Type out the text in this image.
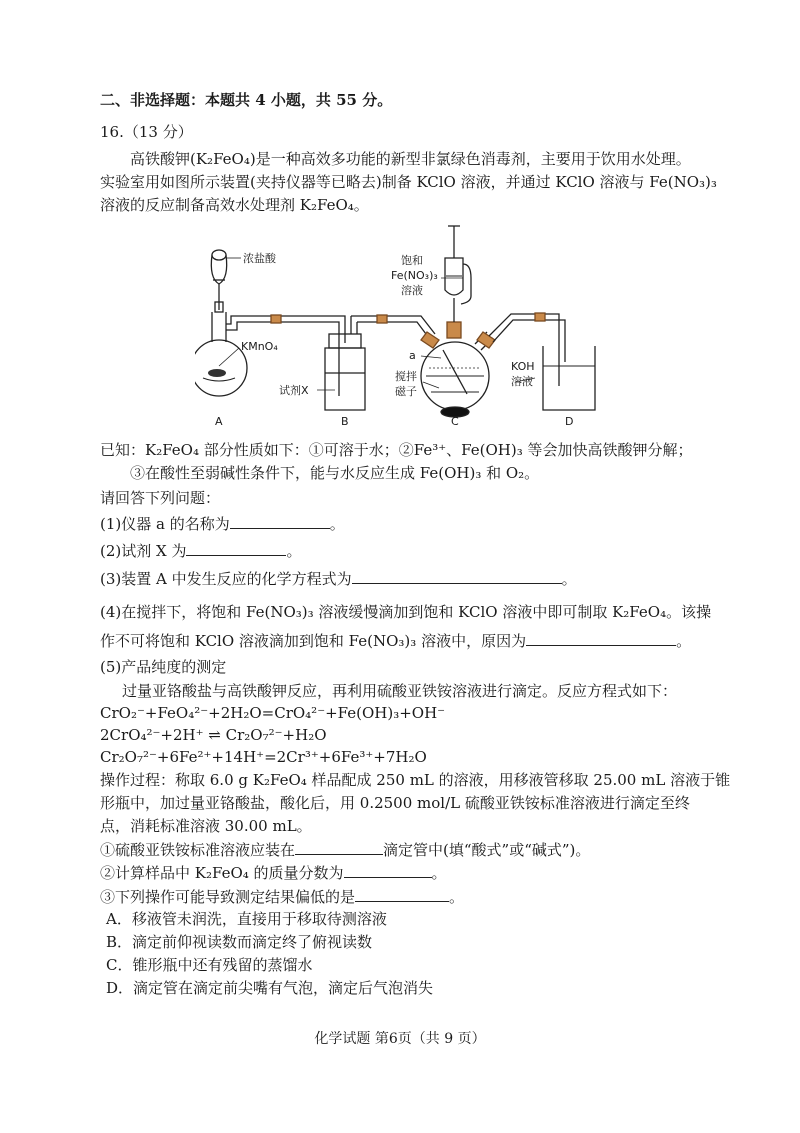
二、非选择题：本题共 4 小题，共 55 分。
16.（13 分）
高铁酸钾(K₂FeO₄)是一种高效多功能的新型非氯绿色消毒剂，主要用于饮用水处理。
实验室用如图所示装置(夹持仪器等已略去)制备 KClO 溶液，并通过 KClO 溶液与 Fe(NO₃)₃
溶液的反应制备高效水处理剂 K₂FeO₄。
浓盐酸
KMnO₄
试剂X
饱和
Fe(NO₃)₃
溶液
a
搅拌
磁子
KOH
溶液
A	B	C	D
已知：K₂FeO₄ 部分性质如下：①可溶于水；②Fe³⁺、Fe(OH)₃ 等会加快高铁酸钾分解；
③在酸性至弱碱性条件下，能与水反应生成 Fe(OH)₃ 和 O₂。
请回答下列问题：
(1)仪器 a 的名称为	。
(2)试剂 X 为	。
(3)装置 A 中发生反应的化学方程式为	。
(4)在搅拌下，将饱和 Fe(NO₃)₃ 溶液缓慢滴加到饱和 KClO 溶液中即可制取 K₂FeO₄。该操
作不可将饱和 KClO 溶液滴加到饱和 Fe(NO₃)₃ 溶液中，原因为	。
(5)产品纯度的测定
过量亚铬酸盐与高铁酸钾反应，再利用硫酸亚铁铵溶液进行滴定。反应方程式如下：
CrO₂⁻+FeO₄²⁻+2H₂O=CrO₄²⁻+Fe(OH)₃+OH⁻
2CrO₄²⁻+2H⁺ ⇌ Cr₂O₇²⁻+H₂O
Cr₂O₇²⁻+6Fe²⁺+14H⁺=2Cr³⁺+6Fe³⁺+7H₂O
操作过程：称取 6.0 g K₂FeO₄ 样品配成 250 mL 的溶液，用移液管移取 25.00 mL 溶液于锥
形瓶中，加过量亚铬酸盐，酸化后，用 0.2500 mol/L 硫酸亚铁铵标准溶液进行滴定至终
点，消耗标准溶液 30.00 mL。
①硫酸亚铁铵标准溶液应装在	滴定管中(填“酸式”或“碱式”)。
②计算样品中 K₂FeO₄ 的质量分数为	。
③下列操作可能导致测定结果偏低的是	。
A．移液管未润洗，直接用于移取待测溶液
B．滴定前仰视读数而滴定终了俯视读数
C．锥形瓶中还有残留的蒸馏水
D．滴定管在滴定前尖嘴有气泡，滴定后气泡消失
化学试题 第6页（共 9 页）
